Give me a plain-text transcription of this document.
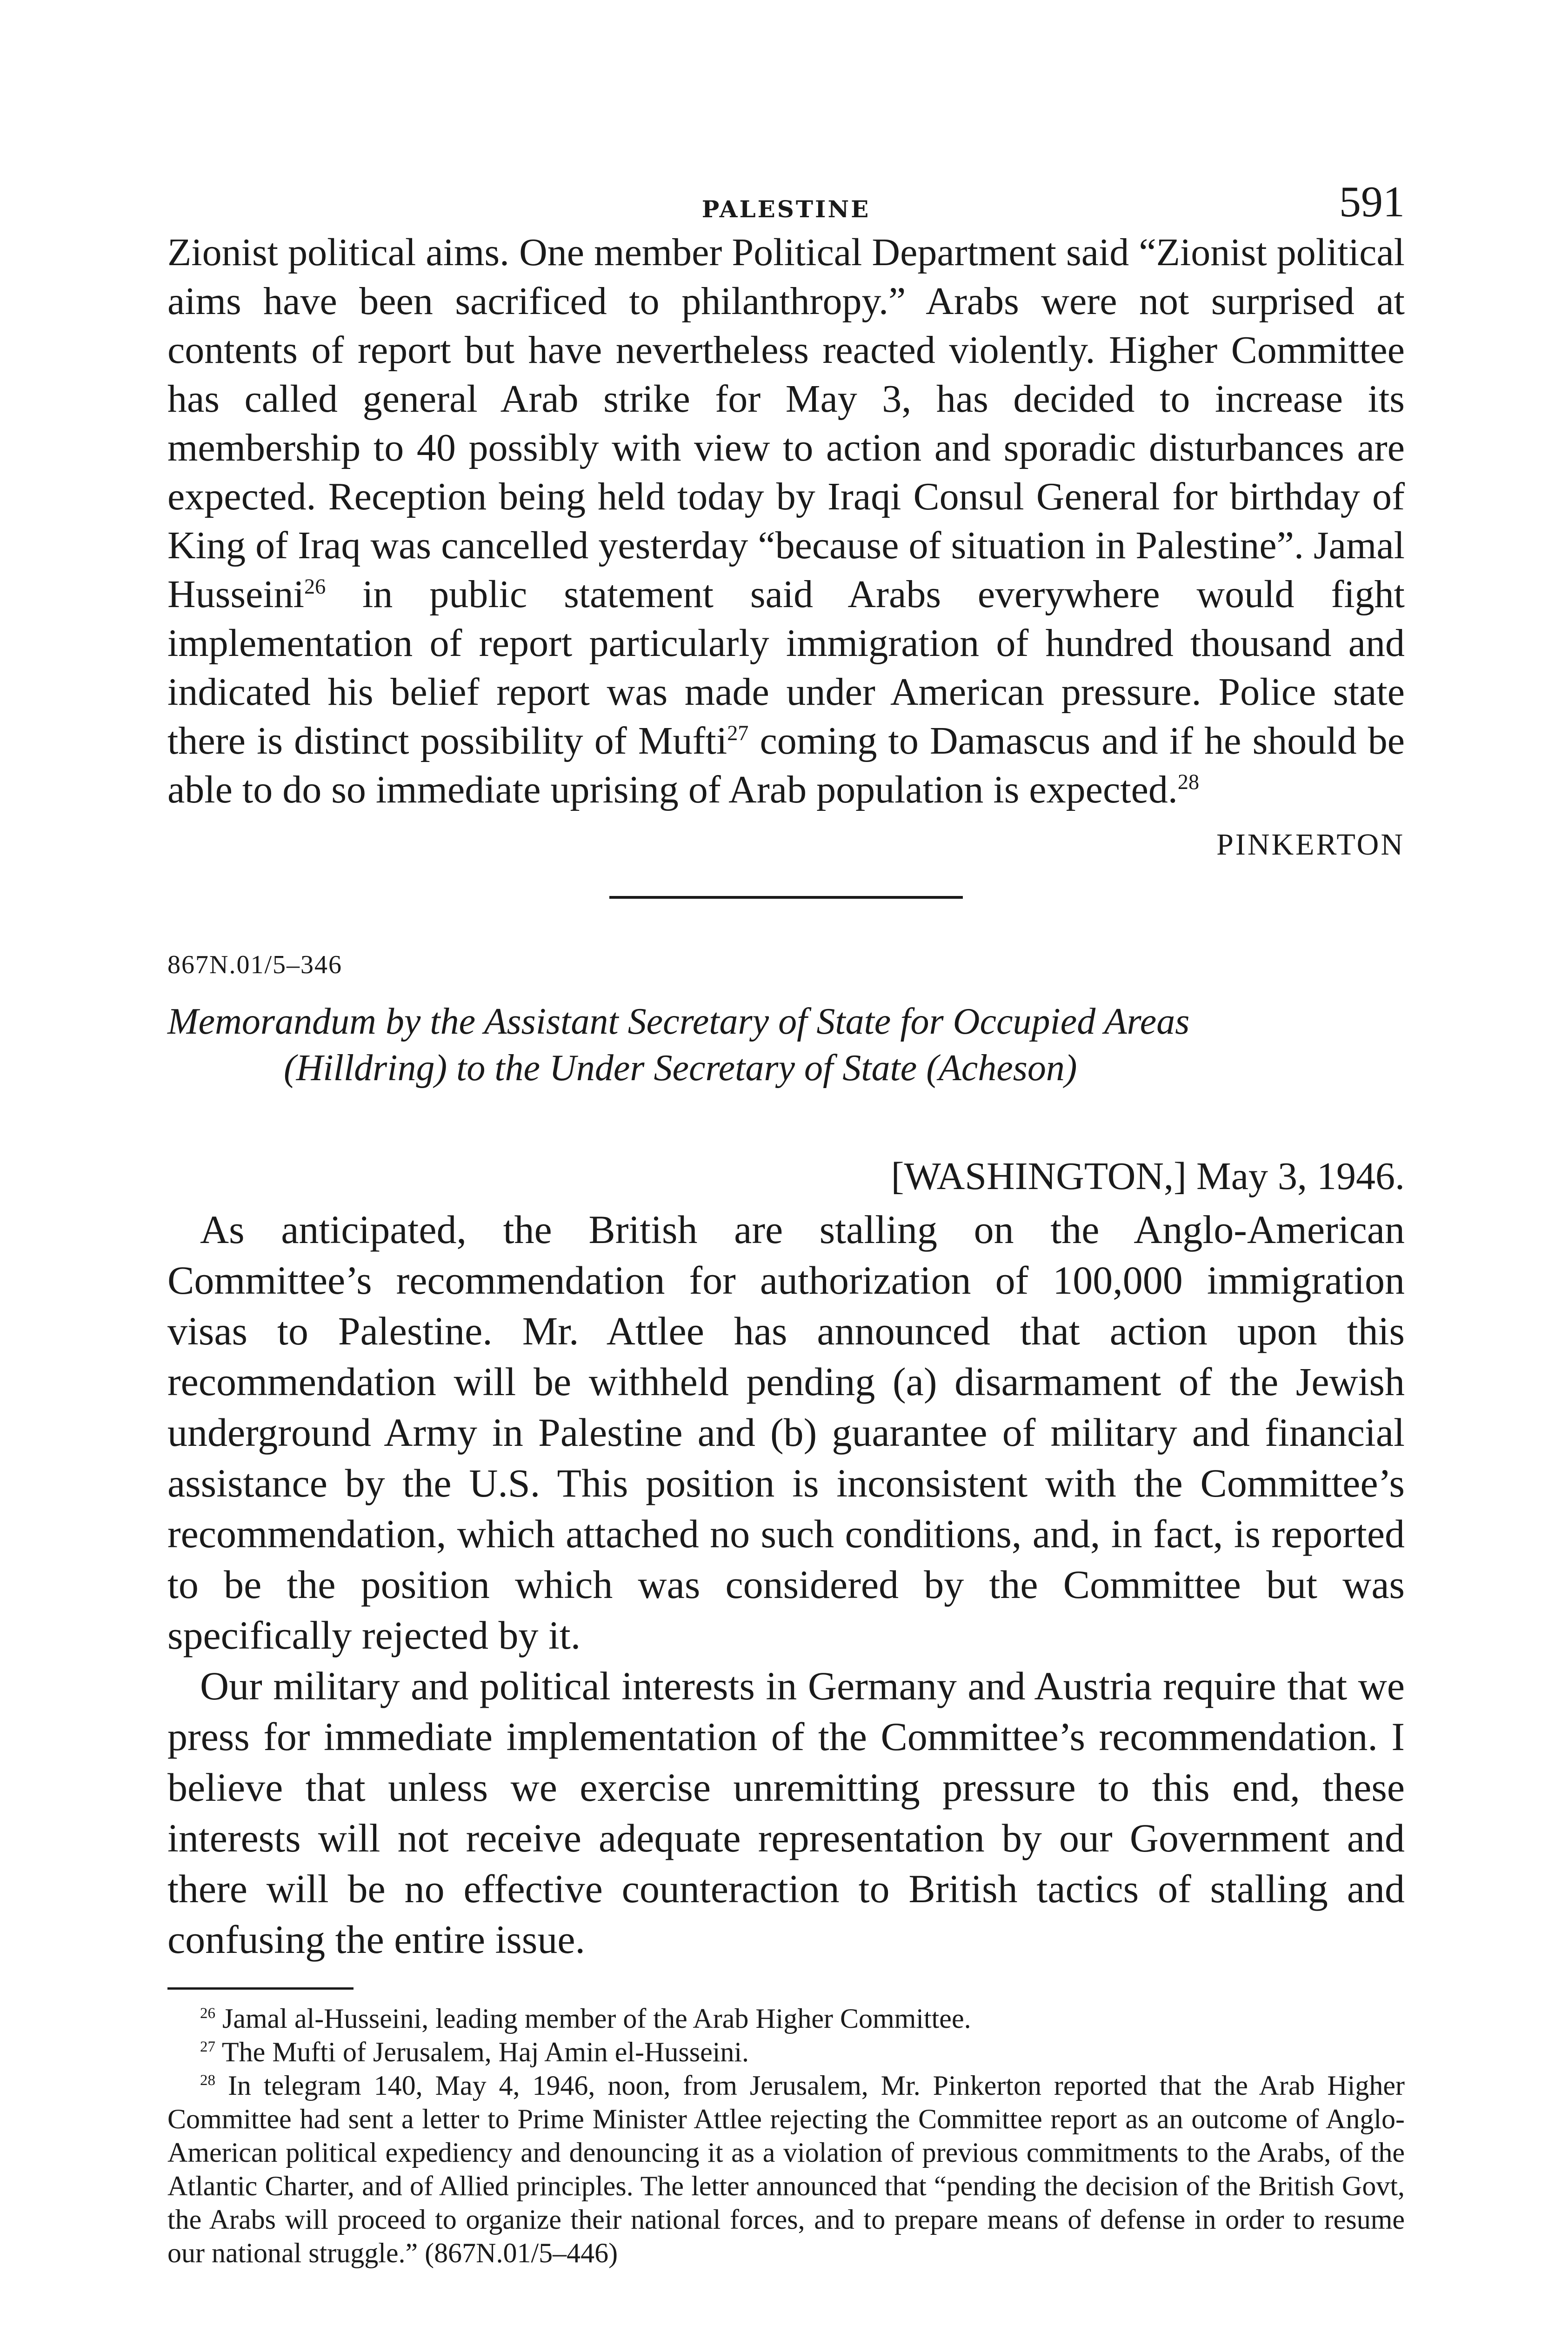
PALESTINE	591

Zionist political aims. One member Political Department said “Zionist political aims have been sacrificed to philanthropy.” Arabs were not surprised at contents of report but have nevertheless reacted violently. Higher Committee has called general Arab strike for May 3, has decided to increase its membership to 40 possibly with view to action and sporadic disturbances are expected. Reception being held today by Iraqi Consul General for birthday of King of Iraq was cancelled yesterday “because of situation in Palestine”. Jamal Husseini$^{26}$ in public statement said Arabs everywhere would fight implementation of report particularly immigration of hundred thousand and indicated his belief report was made under American pressure. Police state there is distinct possibility of Mufti$^{27}$ coming to Damascus and if he should be able to do so immediate uprising of Arab population is expected.$^{28}$

PINKERTON

867N.01/5–346

Memorandum by the Assistant Secretary of State for Occupied Areas
(Hilldring) to the Under Secretary of State (Acheson)

[WASHINGTON,] May 3, 1946.

As anticipated, the British are stalling on the Anglo-American Committee’s recommendation for authorization of 100,000 immigration visas to Palestine. Mr. Attlee has announced that action upon this recommendation will be withheld pending (a) disarmament of the Jewish underground Army in Palestine and (b) guarantee of military and financial assistance by the U.S. This position is inconsistent with the Committee’s recommendation, which attached no such conditions, and, in fact, is reported to be the position which was considered by the Committee but was specifically rejected by it.

Our military and political interests in Germany and Austria require that we press for immediate implementation of the Committee’s recommendation. I believe that unless we exercise unremitting pressure to this end, these interests will not receive adequate representation by our Government and there will be no effective counteraction to British tactics of stalling and confusing the entire issue.

$^{26}$ Jamal al-Husseini, leading member of the Arab Higher Committee.

$^{27}$ The Mufti of Jerusalem, Haj Amin el-Husseini.

$^{28}$ In telegram 140, May 4, 1946, noon, from Jerusalem, Mr. Pinkerton reported that the Arab Higher Committee had sent a letter to Prime Minister Attlee rejecting the Committee report as an outcome of Anglo-American political expediency and denouncing it as a violation of previous commitments to the Arabs, of the Atlantic Charter, and of Allied principles. The letter announced that “pending the decision of the British Govt, the Arabs will proceed to organize their national forces, and to prepare means of defense in order to resume our national struggle.” (867N.01/5–446)
